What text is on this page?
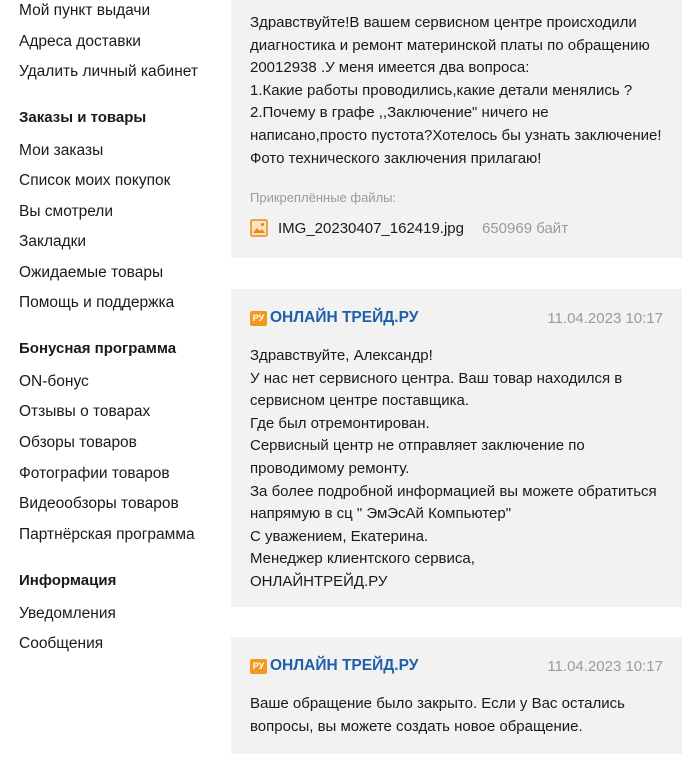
Мой пункт выдачи
Адреса доставки
Удалить личный кабинет
Заказы и товары
Мои заказы
Список моих покупок
Вы смотрели
Закладки
Ожидаемые товары
Помощь и поддержка
Бонусная программа
ON-бонус
Отзывы о товарах
Обзоры товаров
Фотографии товаров
Видеообзоры товаров
Партнёрская программа
Информация
Уведомления
Сообщения
Здравствуйте!В вашем сервисном центре происходили
диагностика и ремонт материнской платы по обращению
20012938 .У меня имеется два вопроса:
1.Какие работы проводились,какие детали менялись ?
2.Почему в графе ,,Заключение" ничего не
написано,просто пустота?Хотелось бы узнать заключение!
Фото технического заключения прилагаю!
Прикреплённые файлы:
IMG_20230407_162419.jpg 650969 байт
РУ ОНЛАЙН ТРЕЙД.РУ	11.04.2023 10:17
Здравствуйте, Александр!
У нас нет сервисного центра. Ваш товар находился в
сервисном центре поставщика.
Где был отремонтирован.
Сервисный центр не отправляет заключение по
проводимому ремонту.
За более подробной информацией вы можете обратиться
напрямую в сц " ЭмЭсАй Компьютер"
С уважением, Екатерина.
Менеджер клиентского сервиса,
ОНЛАЙНТРЕЙД.РУ
РУ ОНЛАЙН ТРЕЙД.РУ	11.04.2023 10:17
Ваше обращение было закрыто. Если у Вас остались
вопросы, вы можете создать новое обращение.
